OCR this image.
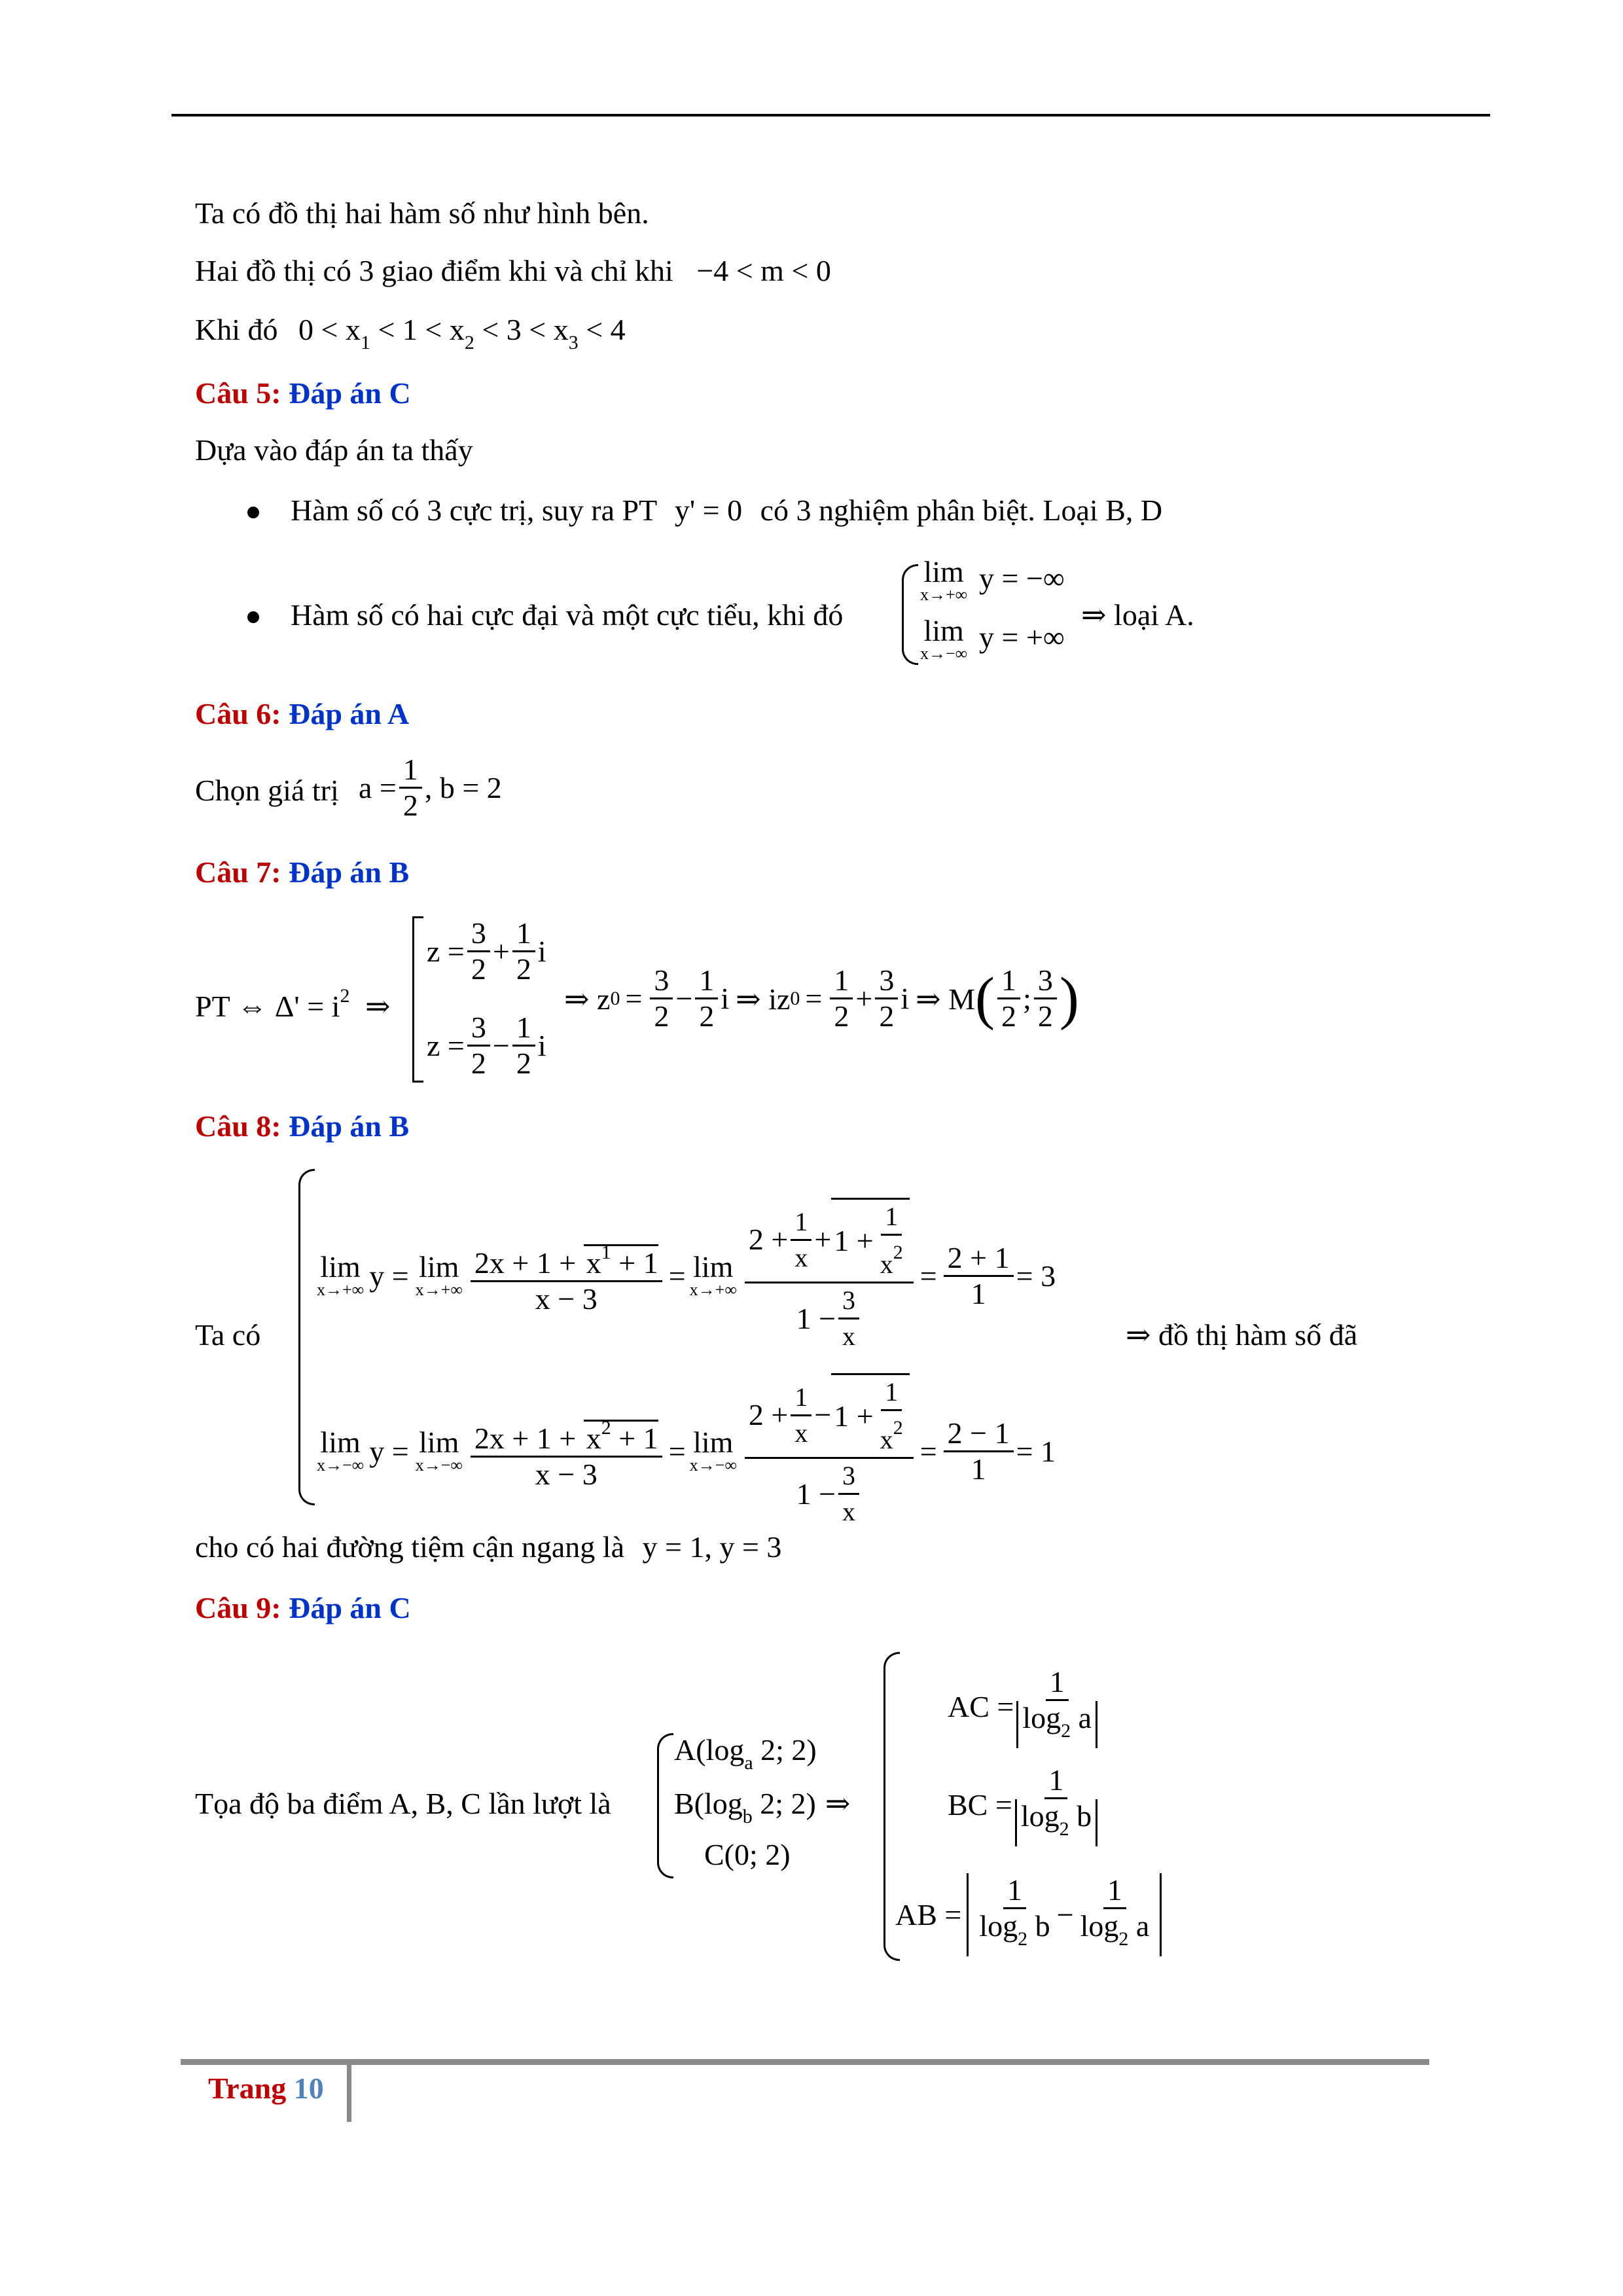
Ta có đồ thị hai hàm số như hình bên.
Hai đồ thị có 3 giao điểm khi và chỉ khi −4 < m < 0
Khi đó $0 < x_1 < 1 < x_2 < 3 < x_3 < 4$
Câu 5: Đáp án C
Dựa vào đáp án ta thấy
Hàm số có 3 cực trị, suy ra PT y' = 0 có 3 nghiệm phân biệt. Loại B, D
Hàm số có hai cực đại và một cực tiểu, khi đó
lim
x→+∞ y = −∞
lim
x→−∞ y = +∞
⇒ loại A.
Câu 6: Đáp án A
Chọn giá trị $a = \frac{1}{2}$ , b = 2
Câu 7: Đáp án B
PT ⇔ $\Delta' = i^2$ ⇒
$z = \frac{3}{2} + \frac{1}{2}$ i
$z = \frac{3}{2} - \frac{1}{2}$ i
⇒ z $0 = \frac{3}{2} - \frac{1}{2}$ i ⇒ iz $0 = \frac{1}{2} + \frac{3}{2}$ i ⇒ M ( $\frac{1}{2}$ ; $\frac{3}{2}$ )
Câu 8: Đáp án B
Ta có
lim
x→+∞ y = lim
$x\to+\infty \frac{2x + 1 + x^1 + 1}{x - 3} = \lim$
$x\to+\infty \frac{2 + \frac{1}{x} + 1 + \frac{1}{x^2}}{1 - \frac{3}{x}} = \frac{2 + 1}{1} = 3$
lim
x→−∞ y = lim
$x\to-\infty \frac{2x + 1 + x^2 + 1}{x - 3} = \lim$
$x\to-\infty \frac{2 + \frac{1}{x} - 1 + \frac{1}{x^2}}{1 - \frac{3}{x}} = \frac{2 - 1}{1} = 1$
⇒ đồ thị hàm số đã
cho có hai đường tiệm cận ngang là y = 1, y = 3
Câu 9: Đáp án C
Tọa độ ba điểm A, B, C lần lượt là
$A(\log_a$ 2; 2)
$B(\log_b$ 2; 2) ⇒
C(0; 2)
AC = $\frac{1}{\log_2 a}$
BC = $\frac{1}{\log_2 b}$
AB = $\frac{1}{\log_2 b} - \frac{1}{\log_2 a}$
Trang 10
